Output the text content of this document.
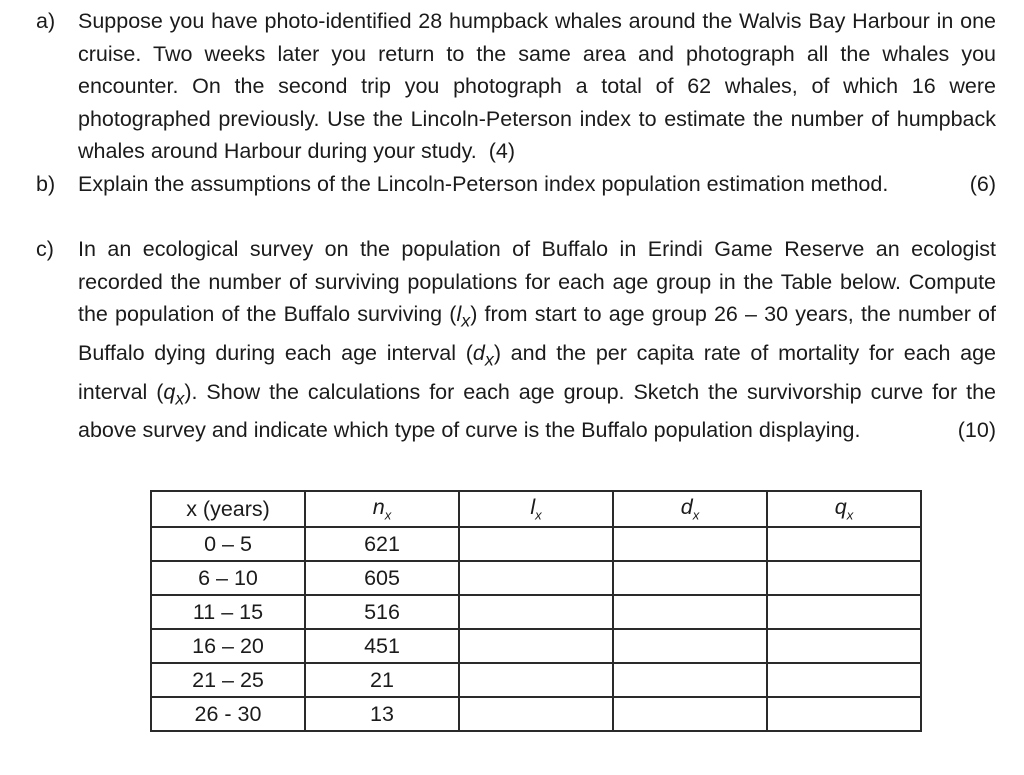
a)	Suppose you have photo-identified 28 humpback whales around the Walvis Bay Harbour in one cruise. Two weeks later you return to the same area and photograph all the whales you encounter. On the second trip you photograph a total of 62 whales, of which 16 were photographed previously. Use the Lincoln-Peterson index to estimate the number of humpback whales around Harbour during your study. (4)
b)	Explain the assumptions of the Lincoln-Peterson index population estimation method.	(6)
c)	In an ecological survey on the population of Buffalo in Erindi Game Reserve an ecologist recorded the number of surviving populations for each age group in the Table below. Compute the population of the Buffalo surviving $(l_x)$ from start to age group 26 – 30 years, the number of Buffalo dying during each age interval $(d_x)$ and the per capita rate of mortality for each age interval $(q_x)$. Show the calculations for each age group. Sketch the survivorship curve for the above survey and indicate which type of curve is the Buffalo population displaying.	(10)
x (years)	$n_x$	$l_x$	$d_x$	$q_x$
0 – 5	621			
6 – 10	605			
11 – 15	516			
16 – 20	451			
21 – 25	21			
26 - 30	13			
